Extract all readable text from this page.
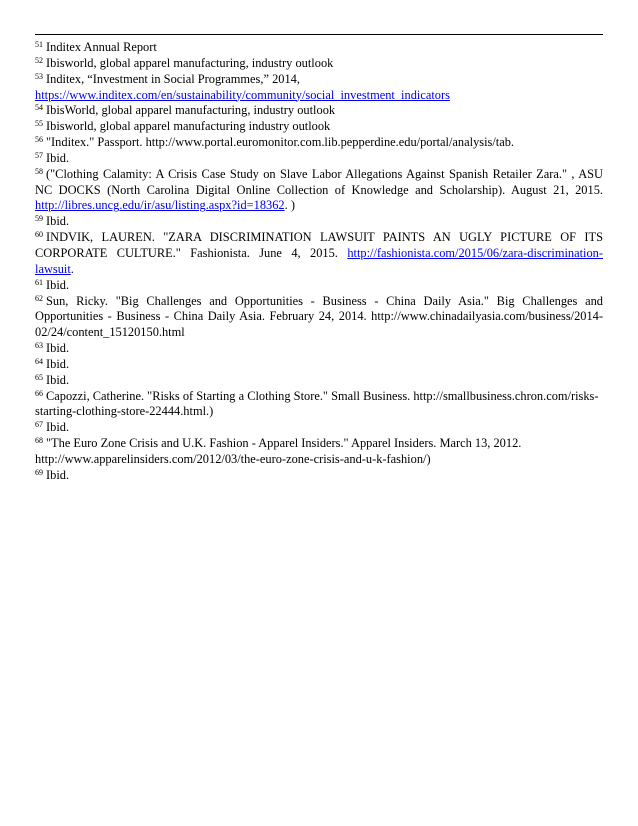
$^{51}$ Inditex Annual Report

$^{52}$ Ibisworld, global apparel manufacturing, industry outlook

$^{53}$ Inditex, “Investment in Social Programmes,” 2014, https://www.inditex.com/en/sustainability/community/social_investment_indicators

$^{54}$ IbisWorld, global apparel manufacturing, industry outlook

$^{55}$ Ibisworld, global apparel manufacturing industry outlook

$^{56}$ "Inditex." Passport. http://www.portal.euromonitor.com.lib.pepperdine.edu/portal/analysis/tab.

$^{57}$ Ibid.

$^{58}$ ("Clothing Calamity: A Crisis Case Study on Slave Labor Allegations Against Spanish Retailer Zara." , ASU NC DOCKS (North Carolina Digital Online Collection of Knowledge and Scholarship). August 21, 2015. http://libres.uncg.edu/ir/asu/listing.aspx?id=18362. )

$^{59}$ Ibid.

$^{60}$ INDVIK, LAUREN. "ZARA DISCRIMINATION LAWSUIT PAINTS AN UGLY PICTURE OF ITS CORPORATE CULTURE." Fashionista. June 4, 2015. http://fashionista.com/2015/06/zara-discrimination-lawsuit.

$^{61}$ Ibid.

$^{62}$ Sun, Ricky. "Big Challenges and Opportunities - Business - China Daily Asia." Big Challenges and Opportunities - Business - China Daily Asia. February 24, 2014. http://www.chinadailyasia.com/business/2014-02/24/content_15120150.html

$^{63}$ Ibid.

$^{64}$ Ibid.

$^{65}$ Ibid.

$^{66}$ Capozzi, Catherine. "Risks of Starting a Clothing Store." Small Business. http://smallbusiness.chron.com/risks-starting-clothing-store-22444.html.)

$^{67}$ Ibid.

$^{68}$ "The Euro Zone Crisis and U.K. Fashion - Apparel Insiders." Apparel Insiders. March 13, 2012. http://www.apparelinsiders.com/2012/03/the-euro-zone-crisis-and-u-k-fashion/)

$^{69}$ Ibid.
